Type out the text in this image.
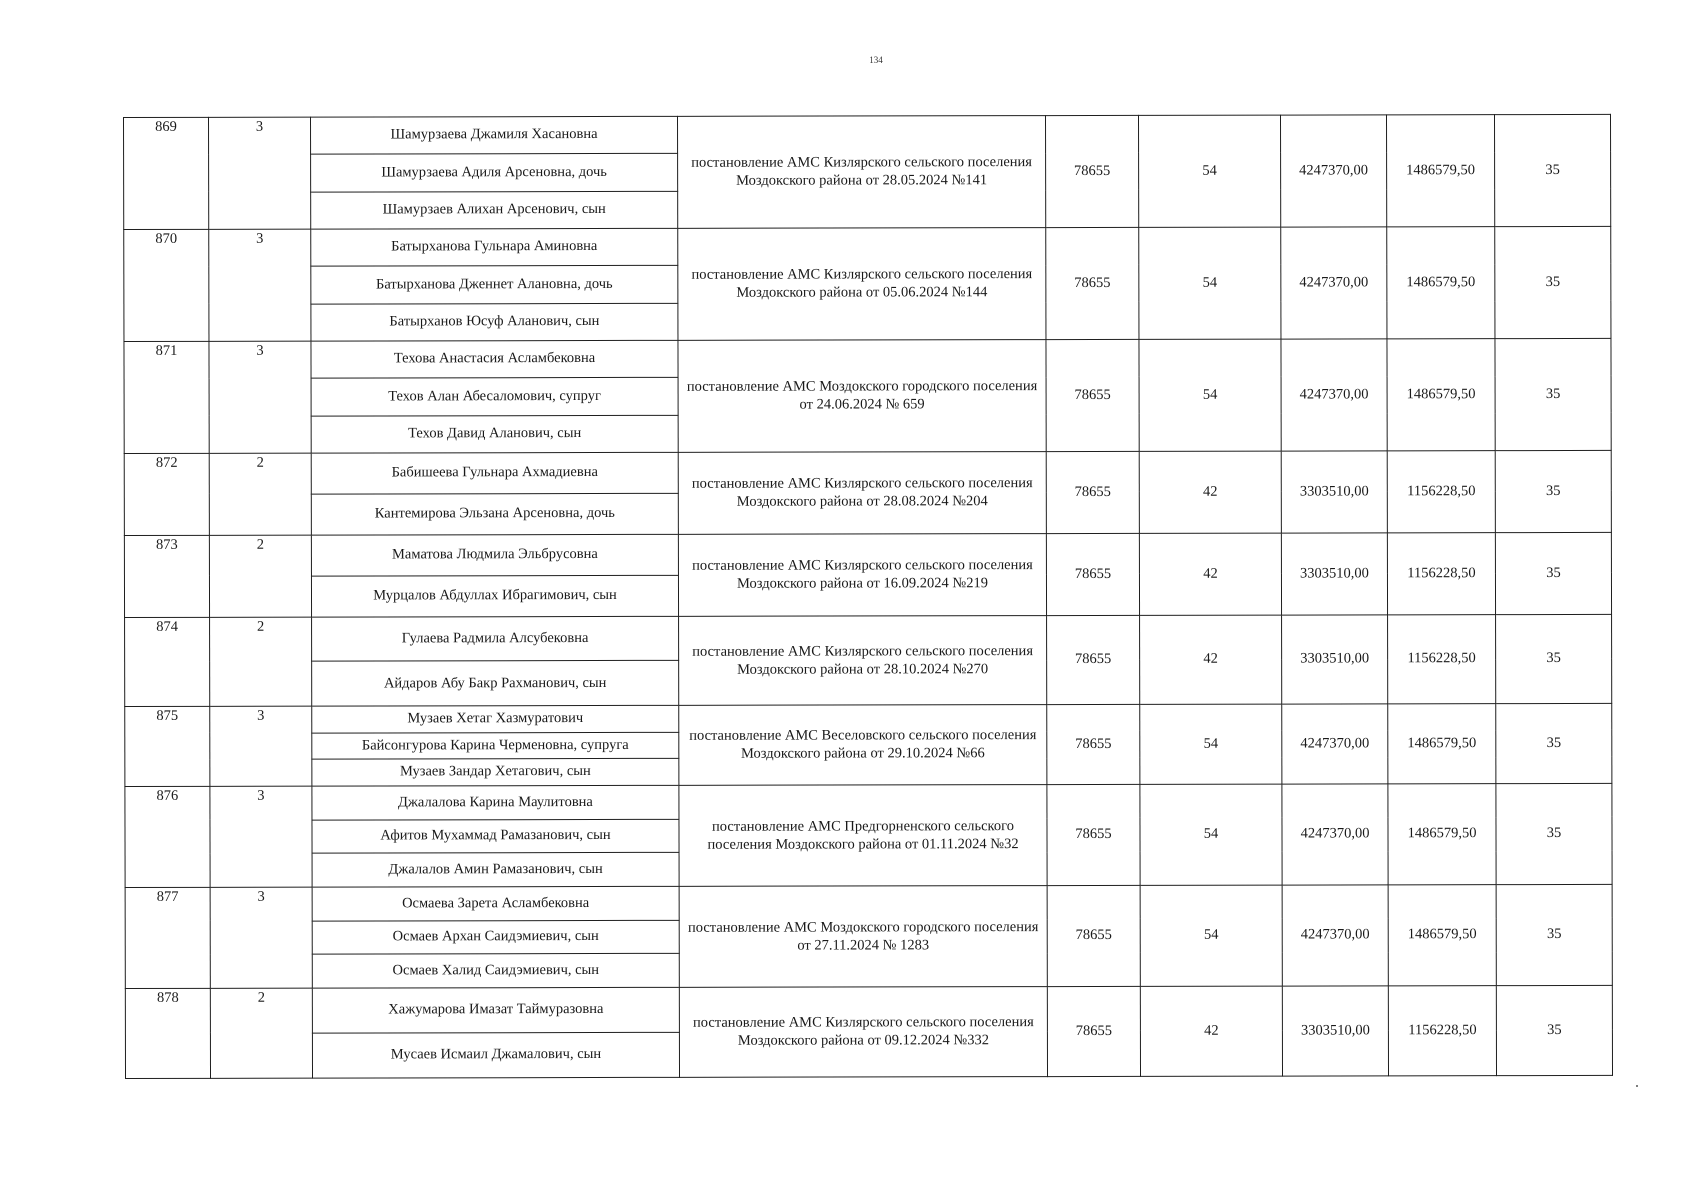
134
869	3	Шамурзаева Джамиля Хасановна	постановление АМС Кизлярского сельского поселения Моздокского района от 28.05.2024 №141	78655	54	4247370,00	1486579,50	35
		Шамурзаева Адиля Арсеновна, дочь						
		Шамурзаев Алихан Арсенович, сын						
870	3	Батырханова Гульнара Аминовна	постановление АМС Кизлярского сельского поселения Моздокского района от 05.06.2024 №144	78655	54	4247370,00	1486579,50	35
		Батырханова Дженнет Алановна, дочь						
		Батырханов Юсуф Аланович, сын						
871	3	Техова Анастасия Асламбековна	постановление АМС Моздокского городского поселения от 24.06.2024 № 659	78655	54	4247370,00	1486579,50	35
		Техов Алан Абесаломович, супруг						
		Техов Давид Аланович, сын						
872	2	Бабишеева Гульнара Ахмадиевна	постановление АМС Кизлярского сельского поселения Моздокского района от 28.08.2024 №204	78655	42	3303510,00	1156228,50	35
		Кантемирова Эльзана Арсеновна, дочь						
873	2	Маматова Людмила Эльбрусовна	постановление АМС Кизлярского сельского поселения Моздокского района от 16.09.2024 №219	78655	42	3303510,00	1156228,50	35
		Мурцалов Абдуллах Ибрагимович, сын						
874	2	Гулаева Радмила Алсубековна	постановление АМС Кизлярского сельского поселения Моздокского района от 28.10.2024 №270	78655	42	3303510,00	1156228,50	35
		Айдаров Абу Бакр Рахманович, сын						
875	3	Музаев Хетаг Хазмуратович	постановление АМС Веселовского сельского поселения Моздокского района от 29.10.2024 №66	78655	54	4247370,00	1486579,50	35
		Байсонгурова Карина Черменовна, супруга						
		Музаев Зандар Хетагович, сын						
876	3	Джалалова Карина Маулитовна	постановление АМС Предгорненского сельского поселения Моздокского района от 01.11.2024 №32	78655	54	4247370,00	1486579,50	35
		Афитов Мухаммад Рамазанович, сын						
		Джалалов Амин Рамазанович, сын						
877	3	Осмаева Зарета Асламбековна	постановление АМС Моздокского городского поселения от 27.11.2024 № 1283	78655	54	4247370,00	1486579,50	35
		Осмаев Архан Саидэмиевич, сын						
		Осмаев Халид Саидэмиевич, сын						
878	2	Хажумарова Имазат Таймуразовна	постановление АМС Кизлярского сельского поселения Моздокского района от 09.12.2024 №332	78655	42	3303510,00	1156228,50	35
		Мусаев Исмаил Джамалович, сын						
